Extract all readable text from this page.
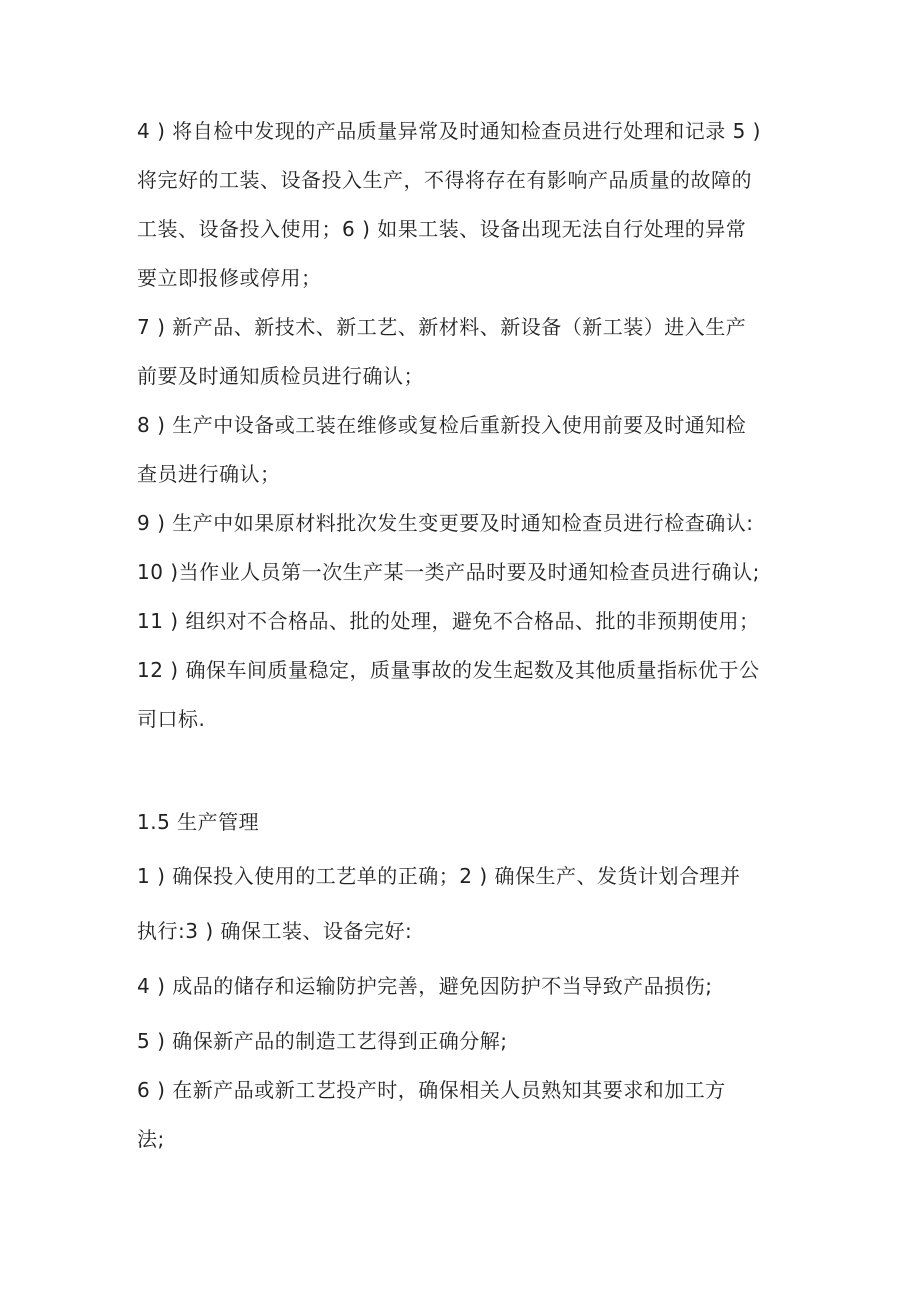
4 ) 将自检中发现的产品质量异常及时通知检查员进行处理和记录 5 )
将完好的工装、设备投入生产，不得将存在有影响产品质量的故障的
工装、设备投入使用；6 ) 如果工装、设备出现无法自行处理的异常
要立即报修或停用；
7 ) 新产品、新技术、新工艺、新材料、新设备（新工装）进入生产
前要及时通知质检员进行确认；
8 ) 生产中设备或工装在维修或复检后重新投入使用前要及时通知检
查员进行确认；
9 ) 生产中如果原材料批次发生变更要及时通知检查员进行检查确认:
10 )当作业人员第一次生产某一类产品时要及时通知检查员进行确认;
11 ) 组织对不合格品、批的处理，避免不合格品、批的非预期使用；
12 ) 确保车间质量稳定，质量事故的发生起数及其他质量指标优于公
司口标.
1.5 生产管理
1 ) 确保投入使用的工艺单的正确；2 ) 确保生产、发货计划合理并
执行:3 ) 确保工装、设备完好:
4 ) 成品的储存和运输防护完善，避免因防护不当导致产品损伤;
5 ) 确保新产品的制造工艺得到正确分解;
6 ) 在新产品或新工艺投产时，确保相关人员熟知其要求和加工方
法;
